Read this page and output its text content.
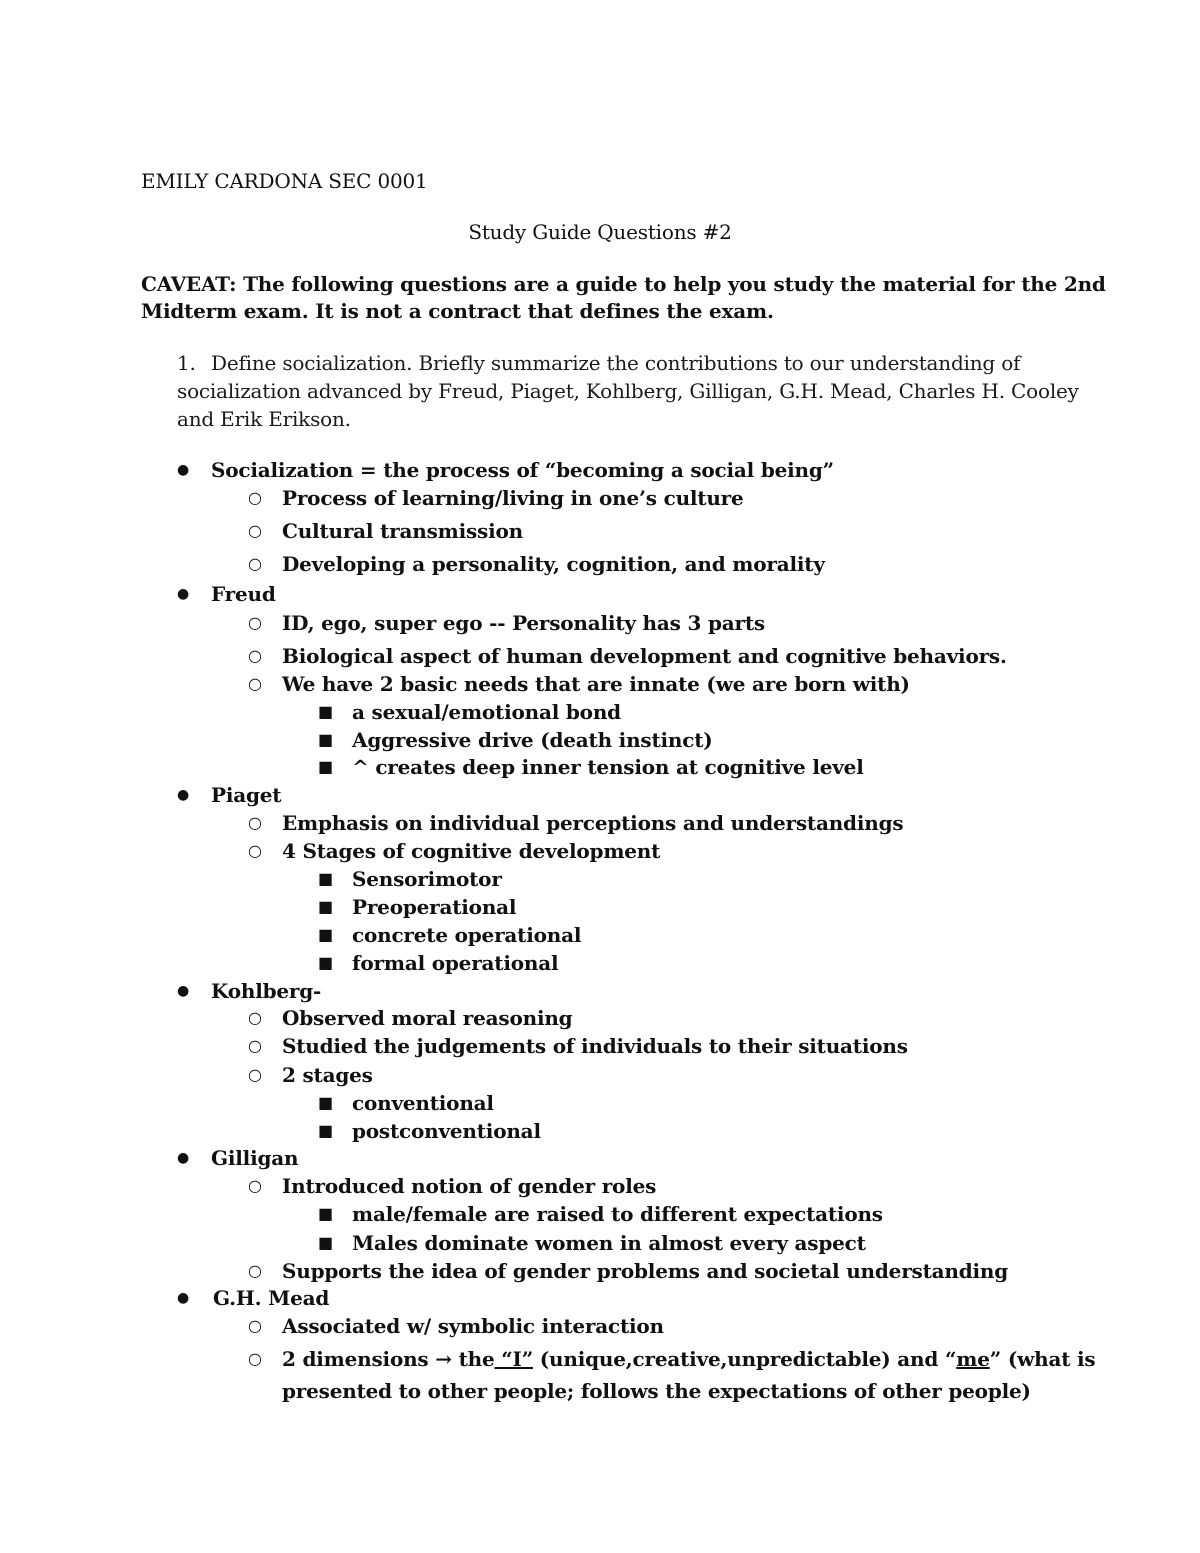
EMILY CARDONA SEC 0001
Study Guide Questions #2
CAVEAT: The following questions are a guide to help you study the material for the 2nd
Midterm exam. It is not a contract that defines the exam.
1. Define socialization. Briefly summarize the contributions to our understanding of
socialization advanced by Freud, Piaget, Kohlberg, Gilligan, G.H. Mead, Charles H. Cooley
and Erik Erikson.
● Socialization = the process of “becoming a social being”
○ Process of learning/living in one’s culture
○ Cultural transmission
○ Developing a personality, cognition, and morality
● Freud
○ ID, ego, super ego -- Personality has 3 parts
○ Biological aspect of human development and cognitive behaviors.
○ We have 2 basic needs that are innate (we are born with)
■ a sexual/emotional bond
■ Aggressive drive (death instinct)
■ ^ creates deep inner tension at cognitive level
● Piaget
○ Emphasis on individual perceptions and understandings
○ 4 Stages of cognitive development
■ Sensorimotor
■ Preoperational
■ concrete operational
■ formal operational
● Kohlberg-
○ Observed moral reasoning
○ Studied the judgements of individuals to their situations
○ 2 stages
■ conventional
■ postconventional
● Gilligan
○ Introduced notion of gender roles
■ male/female are raised to different expectations
■ Males dominate women in almost every aspect
○ Supports the idea of gender problems and societal understanding
● G.H. Mead
○ Associated w/ symbolic interaction
○ 2 dimensions → the “I” (unique,creative,unpredictable) and “me” (what is
presented to other people; follows the expectations of other people)
